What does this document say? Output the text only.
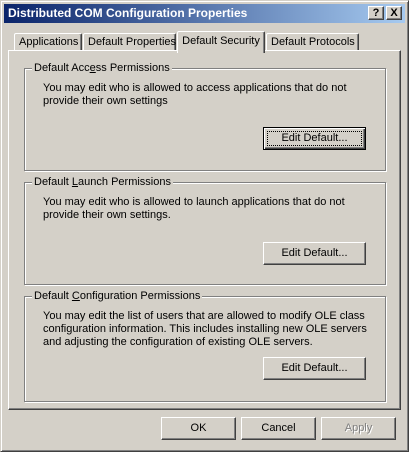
Distributed COM Configuration Properties	? X
Applications Default Properties Default Security	Default Protocols
Default Access Permissions
You may edit who is allowed to access applications that do not provide their own settings
Edit Default...
Default Launch Permissions
You may edit who is allowed to launch applications that do not provide their own settings.
Edit Default...
Default Configuration Permissions
You may edit the list of users that are allowed to modify OLE class configuration information. This includes installing new OLE servers and adjusting the configuration of existing OLE servers.
Edit Default...
OK	Cancel	Apply
